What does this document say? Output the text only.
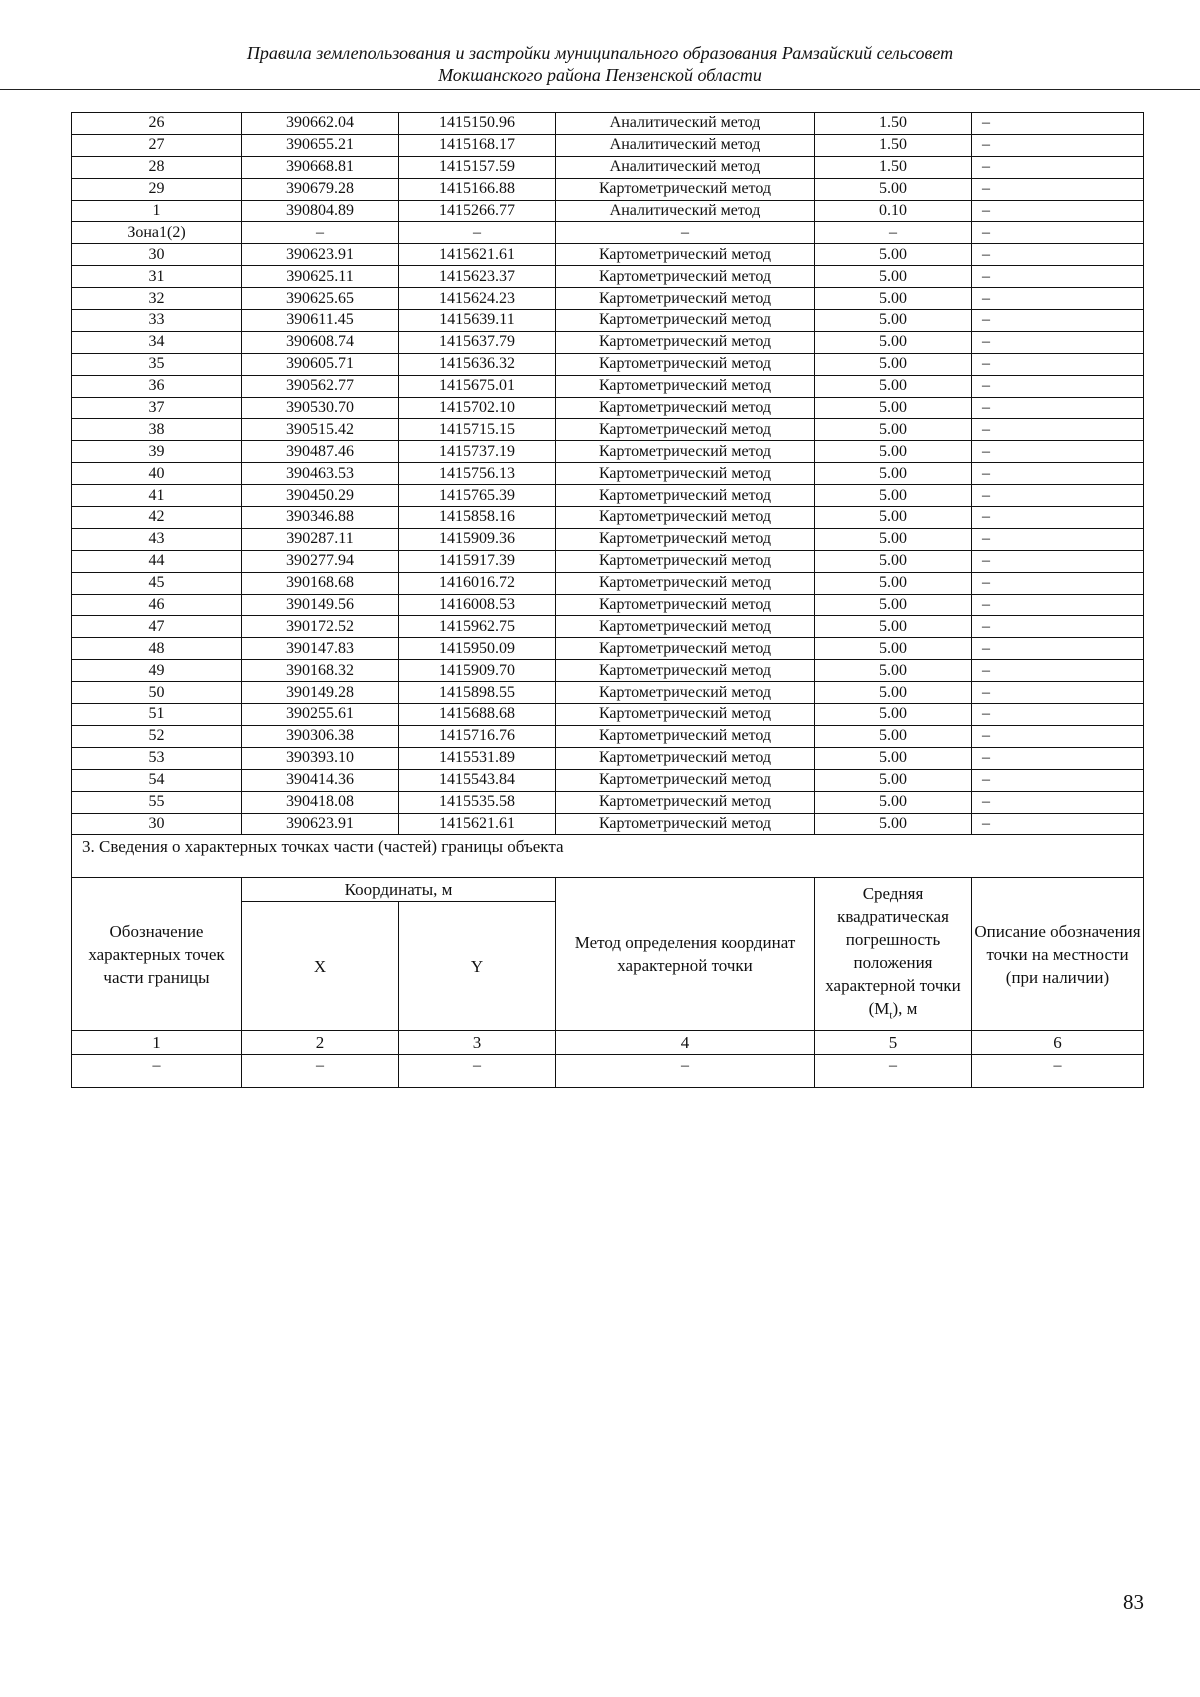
Правила землепользования и застройки муниципального образования Рамзайский сельсовет
Мокшанского района Пензенской области
26	390662.04	1415150.96	Аналитический метод	1.50	–
27	390655.21	1415168.17	Аналитический метод	1.50	–
28	390668.81	1415157.59	Аналитический метод	1.50	–
29	390679.28	1415166.88	Картометрический метод	5.00	–
1	390804.89	1415266.77	Аналитический метод	0.10	–
Зона1(2)	–	–	–	–	–
30	390623.91	1415621.61	Картометрический метод	5.00	–
31	390625.11	1415623.37	Картометрический метод	5.00	–
32	390625.65	1415624.23	Картометрический метод	5.00	–
33	390611.45	1415639.11	Картометрический метод	5.00	–
34	390608.74	1415637.79	Картометрический метод	5.00	–
35	390605.71	1415636.32	Картометрический метод	5.00	–
36	390562.77	1415675.01	Картометрический метод	5.00	–
37	390530.70	1415702.10	Картометрический метод	5.00	–
38	390515.42	1415715.15	Картометрический метод	5.00	–
39	390487.46	1415737.19	Картометрический метод	5.00	–
40	390463.53	1415756.13	Картометрический метод	5.00	–
41	390450.29	1415765.39	Картометрический метод	5.00	–
42	390346.88	1415858.16	Картометрический метод	5.00	–
43	390287.11	1415909.36	Картометрический метод	5.00	–
44	390277.94	1415917.39	Картометрический метод	5.00	–
45	390168.68	1416016.72	Картометрический метод	5.00	–
46	390149.56	1416008.53	Картометрический метод	5.00	–
47	390172.52	1415962.75	Картометрический метод	5.00	–
48	390147.83	1415950.09	Картометрический метод	5.00	–
49	390168.32	1415909.70	Картометрический метод	5.00	–
50	390149.28	1415898.55	Картометрический метод	5.00	–
51	390255.61	1415688.68	Картометрический метод	5.00	–
52	390306.38	1415716.76	Картометрический метод	5.00	–
53	390393.10	1415531.89	Картометрический метод	5.00	–
54	390414.36	1415543.84	Картометрический метод	5.00	–
55	390418.08	1415535.58	Картометрический метод	5.00	–
30	390623.91	1415621.61	Картометрический метод	5.00	–
3. Сведения о характерных точках части (частей) границы объекта					
Обозначение характерных точек части границы	Координаты, м		Метод определения координат характерной точки	Средняя квадратическая погрешность положения характерной точки $(M_t)$, м	Описание обозначения точки на местности (при наличии)
	X	Y			
1	2	3	4	5	6
–	–	–	–	–	–
83
